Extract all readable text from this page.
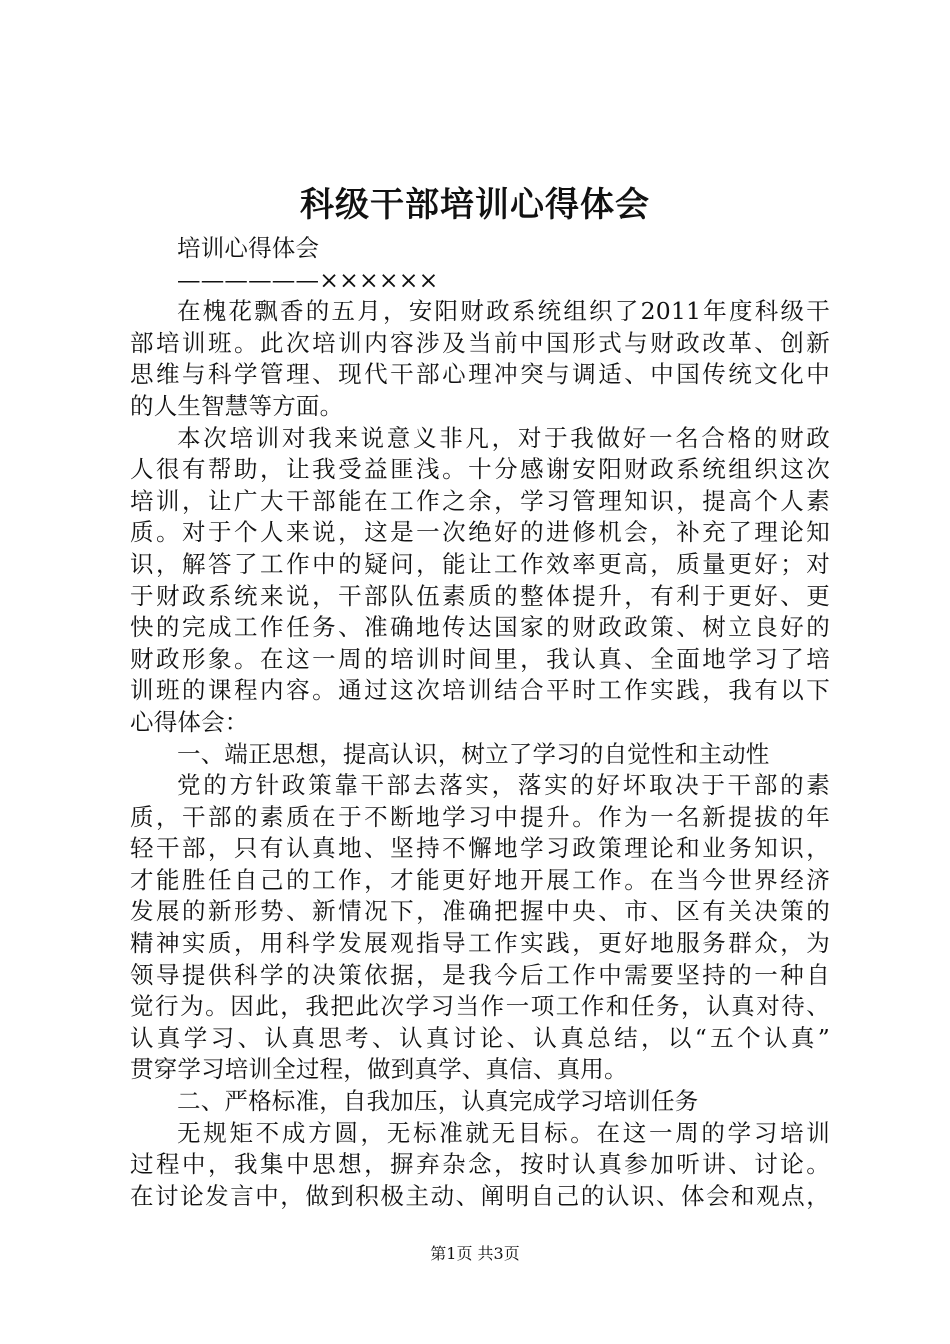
科级干部培训心得体会
培训心得体会
——————××××××
在槐花飘香的五月，安阳财政系统组织了2011年度科级干
部培训班。此次培训内容涉及当前中国形式与财政改革、创新
思维与科学管理、现代干部心理冲突与调适、中国传统文化中
的人生智慧等方面。
本次培训对我来说意义非凡，对于我做好一名合格的财政
人很有帮助，让我受益匪浅。十分感谢安阳财政系统组织这次
培训，让广大干部能在工作之余，学习管理知识，提高个人素
质。对于个人来说，这是一次绝好的进修机会，补充了理论知
识，解答了工作中的疑问，能让工作效率更高，质量更好；对
于财政系统来说，干部队伍素质的整体提升，有利于更好、更
快的完成工作任务、准确地传达国家的财政政策、树立良好的
财政形象。在这一周的培训时间里，我认真、全面地学习了培
训班的课程内容。通过这次培训结合平时工作实践，我有以下
心得体会：
一、端正思想，提高认识，树立了学习的自觉性和主动性
党的方针政策靠干部去落实，落实的好坏取决于干部的素
质，干部的素质在于不断地学习中提升。作为一名新提拔的年
轻干部，只有认真地、坚持不懈地学习政策理论和业务知识，
才能胜任自己的工作，才能更好地开展工作。在当今世界经济
发展的新形势、新情况下，准确把握中央、市、区有关决策的
精神实质，用科学发展观指导工作实践，更好地服务群众，为
领导提供科学的决策依据，是我今后工作中需要坚持的一种自
觉行为。因此，我把此次学习当作一项工作和任务，认真对待、
认真学习、认真思考、认真讨论、认真总结，以“五个认真”
贯穿学习培训全过程，做到真学、真信、真用。
二、严格标准，自我加压，认真完成学习培训任务
无规矩不成方圆，无标准就无目标。在这一周的学习培训
过程中，我集中思想，摒弃杂念，按时认真参加听讲、讨论。
在讨论发言中，做到积极主动、阐明自己的认识、体会和观点，
第1页 共3页
